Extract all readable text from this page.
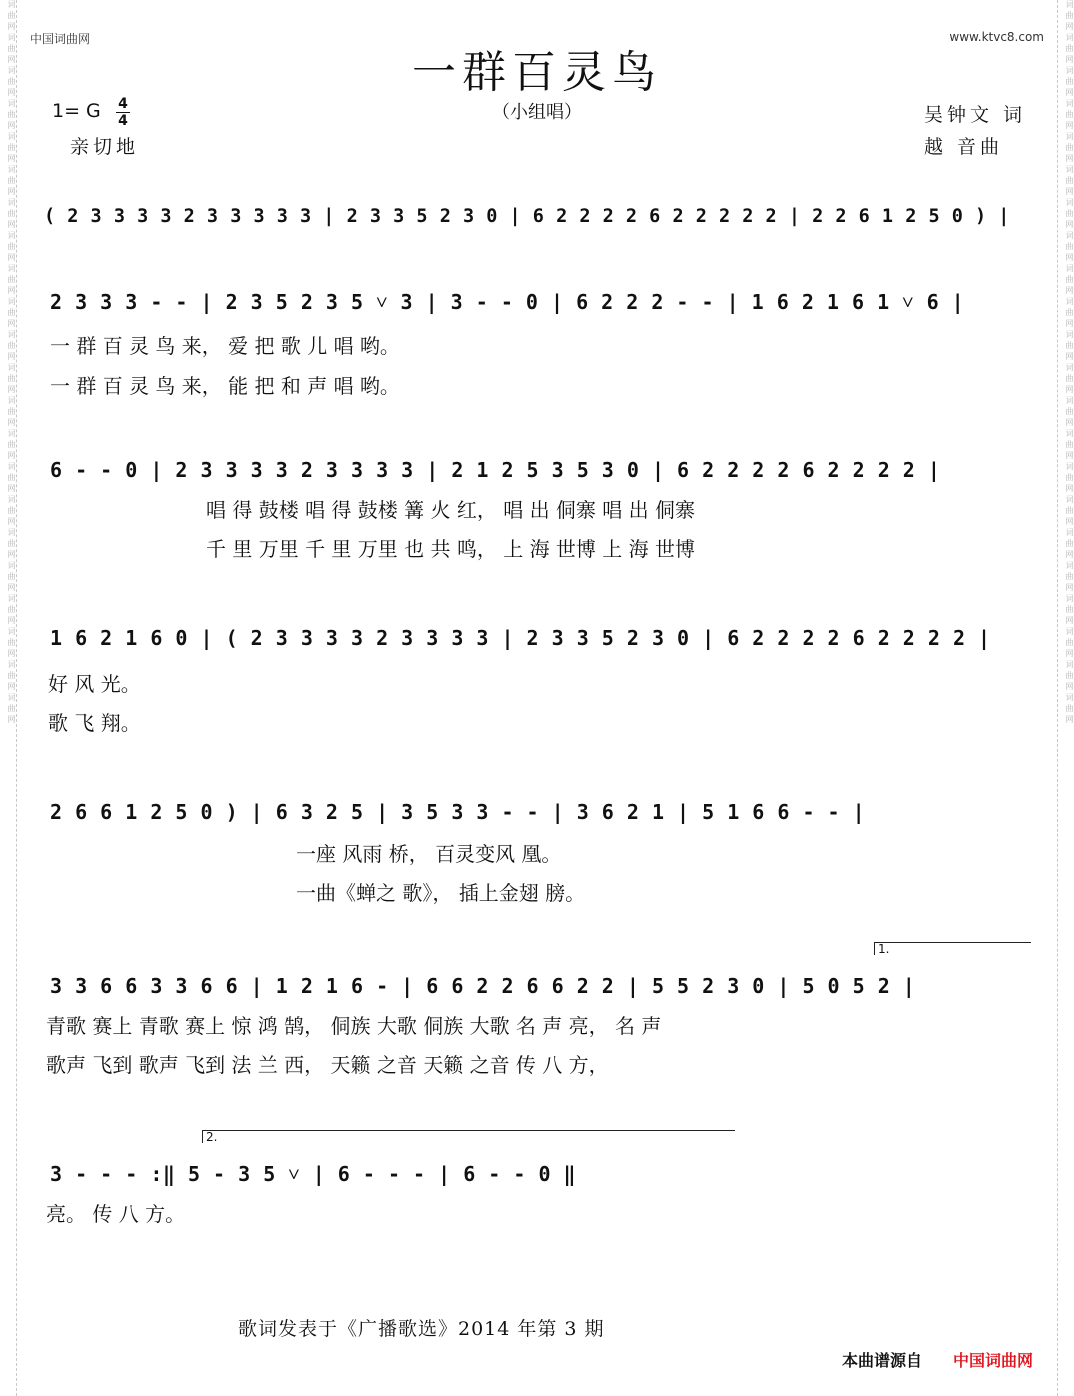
词曲网词曲网词曲网词曲网词曲网词曲网词曲网词曲网词曲网词曲网词曲网词曲网词曲网词曲网词曲网词曲网词曲网词曲网词曲网词曲网词曲网词曲网	词曲网词曲网词曲网词曲网词曲网词曲网词曲网词曲网词曲网词曲网词曲网词曲网词曲网词曲网词曲网词曲网词曲网词曲网词曲网词曲网词曲网词曲网
中国词曲网	www.ktvc8.com
一群百灵鸟
（小组唱）
1= G 4
4
亲切地
吴钟文 词
越 音曲
( 2 3 3 3 3 2 3 3 3 3 3 | 2 3 3 5 2 3 0 | 6 2 2 2 2 6 2 2 2 2 2 | 2 2 6 1 2 5 0 ) |
2 3 3 3 - - | 2 3 5 2 3 5 ˅ 3 | 3 - - 0 | 6 2 2 2 - - | 1 6 2 1 6 1 ˅ 6 |
一 群 百 灵 鸟 来， 爱 把 歌 儿 唱 哟。
一 群 百 灵 鸟 来， 能 把 和 声 唱 哟。
6 - - 0 | 2 3 3 3 3 2 3 3 3 3 | 2 1 2 5 3 5 3 0 | 6 2 2 2 2 6 2 2 2 2 |
唱 得 鼓楼 唱 得 鼓楼 篝 火 红， 唱 出 侗寨 唱 出 侗寨
千 里 万里 千 里 万里 也 共 鸣， 上 海 世博 上 海 世博
1 6 2 1 6 0 | ( 2 3 3 3 3 2 3 3 3 3 | 2 3 3 5 2 3 0 | 6 2 2 2 2 6 2 2 2 2 |
好 风 光。
歌 飞 翔。
2 6 6 1 2 5 0 ) | 6 3 2 5 | 3 5 3 3 - - | 3 6 2 1 | 5 1 6 6 - - |
一座 风雨 桥， 百灵变风 凰。
一曲《蝉之 歌》， 插上金翅 膀。
1.
3 3 6 6 3 3 6 6 | 1 2 1 6 - | 6 6 2 2 6 6 2 2 | 5 5 2 3 0 | 5 0 5 2 |
青歌 赛上 青歌 赛上 惊 鸿 鹄， 侗族 大歌 侗族 大歌 名 声 亮， 名 声
歌声 飞到 歌声 飞到 法 兰 西， 天籁 之音 天籁 之音 传 八 方，
2.
3 - - - :‖ 5 - 3 5 ˅ | 6 - - - | 6 - - 0 ‖
亮。 传 八 方。
歌词发表于《广播歌选》2014 年第 3 期
本曲谱源自 中国词曲网
